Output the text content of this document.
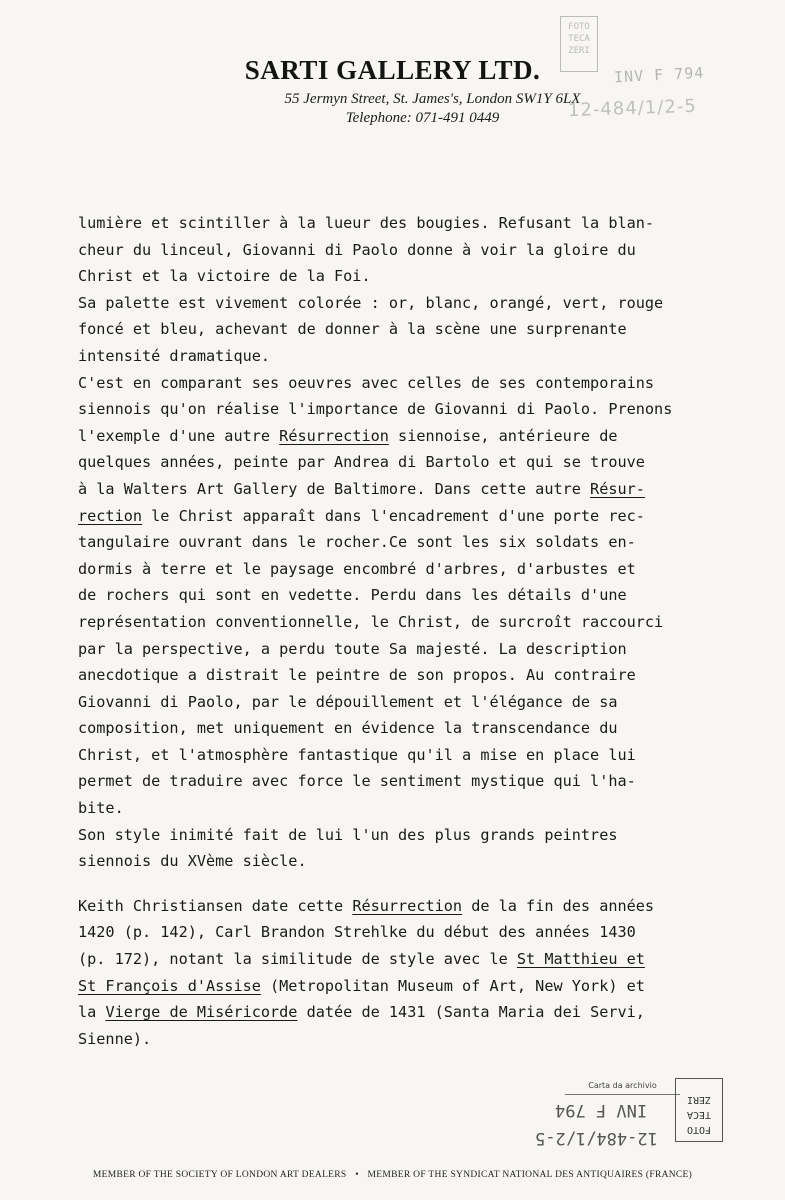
SARTI GALLERY LTD.
55 Jermyn Street, St. James's, London SW1Y 6LX
Telephone: 071-491 0449
FOTO
TECA
ZERI
INV F 794
12-484/1/2-5
lumière et scintiller à la lueur des bougies. Refusant la blan-
cheur du linceul, Giovanni di Paolo donne à voir la gloire du
Christ et la victoire de la Foi.
Sa palette est vivement colorée : or, blanc, orangé, vert, rouge
foncé et bleu, achevant de donner à la scène une surprenante
intensité dramatique.
C'est en comparant ses oeuvres avec celles de ses contemporains
siennois qu'on réalise l'importance de Giovanni di Paolo. Prenons
l'exemple d'une autre Résurrection siennoise, antérieure de
quelques années, peinte par Andrea di Bartolo et qui se trouve
à la Walters Art Gallery de Baltimore. Dans cette autre Résur-
rection le Christ apparaît dans l'encadrement d'une porte rec-
tangulaire ouvrant dans le rocher.Ce sont les six soldats en-
dormis à terre et le paysage encombré d'arbres, d'arbustes et
de rochers qui sont en vedette. Perdu dans les détails d'une
représentation conventionnelle, le Christ, de surcroît raccourci
par la perspective, a perdu toute Sa majesté. La description
anecdotique a distrait le peintre de son propos. Au contraire
Giovanni di Paolo, par le dépouillement et l'élégance de sa
composition, met uniquement en évidence la transcendance du
Christ, et l'atmosphère fantastique qu'il a mise en place lui
permet de traduire avec force le sentiment mystique qui l'ha-
bite.
Son style inimité fait de lui l'un des plus grands peintres
siennois du XVème siècle.
Keith Christiansen date cette Résurrection de la fin des années
1420 (p. 142), Carl Brandon Strehlke du début des années 1430
(p. 172), notant la similitude de style avec le St Matthieu et
St François d'Assise (Metropolitan Museum of Art, New York) et
la Vierge de Miséricorde datée de 1431 (Santa Maria dei Servi,
Sienne).
Carta da archivio
FOTO
TECA
ZERI
INV F 794
12-484/1/2-5
MEMBER OF THE SOCIETY OF LONDON ART DEALERS • MEMBER OF THE SYNDICAT NATIONAL DES ANTIQUAIRES (FRANCE)
